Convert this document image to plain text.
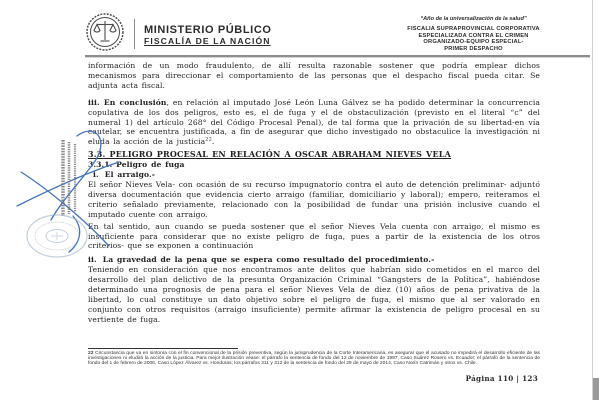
MINISTERIO PÚBLICO
FISCALÍA DE LA NACIÓN
“Año de la universalización de la salud”
FISCALIA SUPRAPROVINCIAL CORPORATIVA
ESPECIALIZADA CONTRA EL CRIMEN
ORGANIZADO-EQUIPO ESPECIAL-
PRIMER DESPACHO

información de un modo fraudulento, de allí resulta razonable sostener que podría emplear dichos mecanismos para direccionar el comportamiento de las personas que el despacho fiscal pueda citar. Se adjunta acta fiscal.

iii. En conclusión, en relación al imputado José León Luna Gálvez se ha podido determinar la concurrencia copulativa de los dos peligros, esto es, el de fuga y el de obstaculización (previsto en el literal “c” del numeral 1) del artículo 268° del Código Procesal Penal), de tal forma que la privación de su libertad-en vía cautelar, se encuentra justificada, a fin de asegurar que dicho investigado no obstaculice la investigación ni eluda la acción de la justicia$^{22}$.

3.3. PELIGRO PROCESAL EN RELACIÓN A OSCAR ABRAHAM NIEVES VELA

3.3.1. Peligro de fuga

i. El arraigo.-

El señor Nieves Vela- con ocasión de su recurso impugnatorio contra el auto de detención preliminar- adjuntó diversa documentación que evidencia cierto arraigo (familiar, domiciliario y laboral); empero, reiteramos el criterio señalado previamente, relacionado con la posibilidad de fundar una prisión inclusive cuando el imputado cuente con arraigo.

En tal sentido, aun cuando se pueda sostener que el señor Nieves Vela cuenta con arraigo, el mismo es insuficiente para considerar que no existe peligro de fuga, pues a partir de la existencia de los otros criterios- que se exponen a continuación

ii. La gravedad de la pena que se espera como resultado del procedimiento.-

Teniendo en consideración que nos encontramos ante delitos que habrían sido cometidos en el marco del desarrollo del plan delictivo de la presunta Organización Criminal “Gangsters de la Política”, habiéndose determinado una prognosis de pena para el señor Nieves Vela de diez (10) años de pena privativa de la libertad, lo cual constituye un dato objetivo sobre el peligro de fuga, el mismo que al ser valorado en conjunto con otros requisitos (arraigo insuficiente) permite afirmar la existencia de peligro procesal en su vertiente de fuga.

22 Circunstancia que va en sintonía con el fin convencional de la prisión preventiva, según la jurisprudencia de la Corte Interamericana, es asegurar que el acusado no impedirá el desarrollo eficiente de las investigaciones ni eludirá la acción de la justicia. Para mejor ilustración véase: el párrafo la sentencia de fondo del 12 de noviembre de 1997, Caso Suárez Rosero vs. Ecuador; el párrafo de la sentencia de fondo del 1 de febrero de 2006, Caso López Álvarez vs. Honduras; los párrafos 311 y 312 de la sentencia de fondo del 29 de mayo de 2014, Caso Norín Catrimán y otros vs. Chile.
Página 110 | 123
